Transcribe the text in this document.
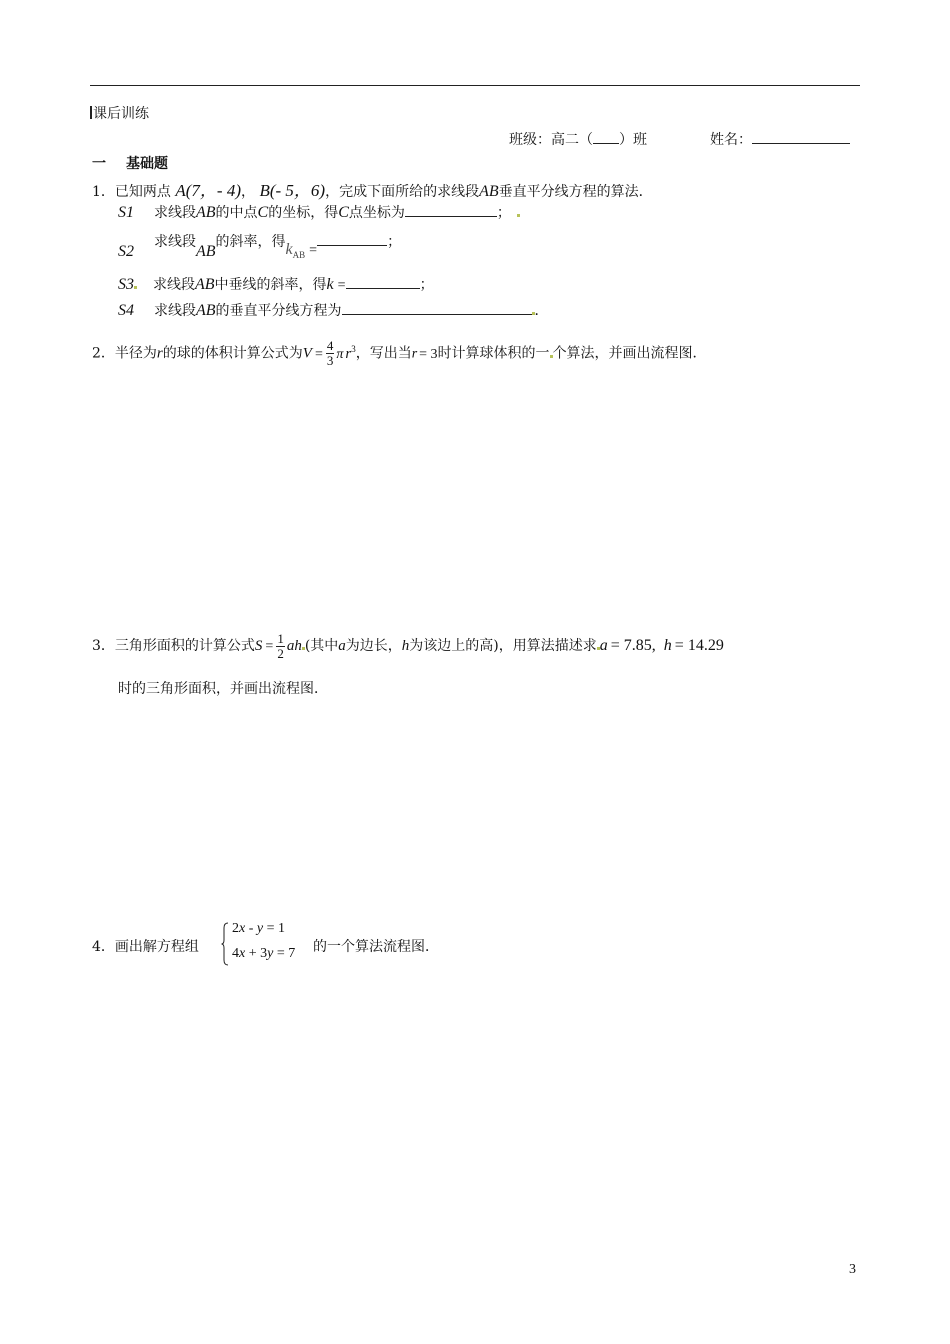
课后训练
班级：高二（ ）班	姓名：
一 基础题
1．已知两点 A(7，- 4)， B(- 5，6)，完成下面所给的求线段AB垂直平分线方程的算法．
S1 求线段AB的中点C的坐标，得C点坐标为	；
S2求线段AB的斜率，得$k_{AB}$ =；
S3 求线段AB中垂线的斜率，得k =	；
S4 求线段AB的垂直平分线方程为	．
2．半径为r的球的体积计算公式为$V = \frac{4}{3}$ π $r^3$，写出当r = 3时计算球体积的一 个算法，并画出流程图．
3．三角形面积的计算公式$S = \frac{1}{2}$ ah (其中a为边长，h为该边上的高)，用算法描述求 a = 7.85, h = 14.29
时的三角形面积，并画出流程图．
4．画出解方程组
2x - y = 1
4x + 3y = 7 的一个算法流程图．
3
